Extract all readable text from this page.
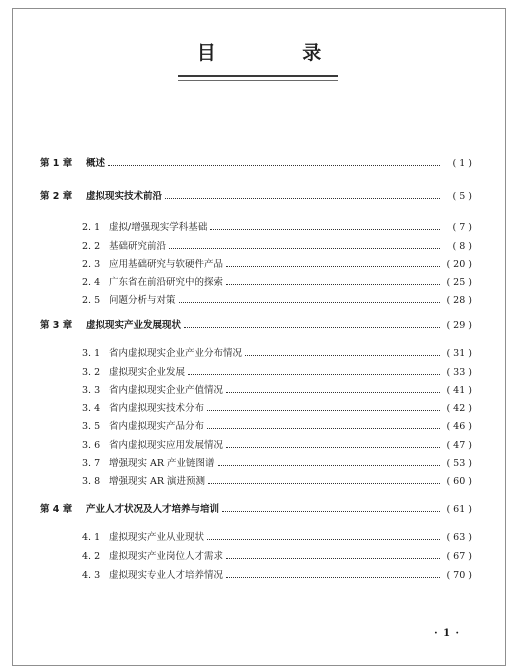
目 录
第 1 章	概述	( 1 )
第 2 章	虚拟现实技术前沿	( 5 )
2. 1 虚拟/增强现实学科基础	( 7 )
2. 2 基础研究前沿	( 8 )
2. 3 应用基础研究与软硬件产品	( 20 )
2. 4 广东省在前沿研究中的探索	( 25 )
2. 5 问题分析与对策	( 28 )
第 3 章	虚拟现实产业发展现状	( 29 )
3. 1 省内虚拟现实企业产业分布情况	( 31 )
3. 2 虚拟现实企业发展	( 33 )
3. 3 省内虚拟现实企业产值情况	( 41 )
3. 4 省内虚拟现实技术分布	( 42 )
3. 5 省内虚拟现实产品分布	( 46 )
3. 6 省内虚拟现实应用发展情况	( 47 )
3. 7 增强现实 AR 产业链图谱	( 53 )
3. 8 增强现实 AR 演进预测	( 60 )
第 4 章	产业人才状况及人才培养与培训	( 61 )
4. 1 虚拟现实产业从业现状	( 63 )
4. 2 虚拟现实产业岗位人才需求	( 67 )
4. 3 虚拟现实专业人才培养情况	( 70 )
· 1 ·
